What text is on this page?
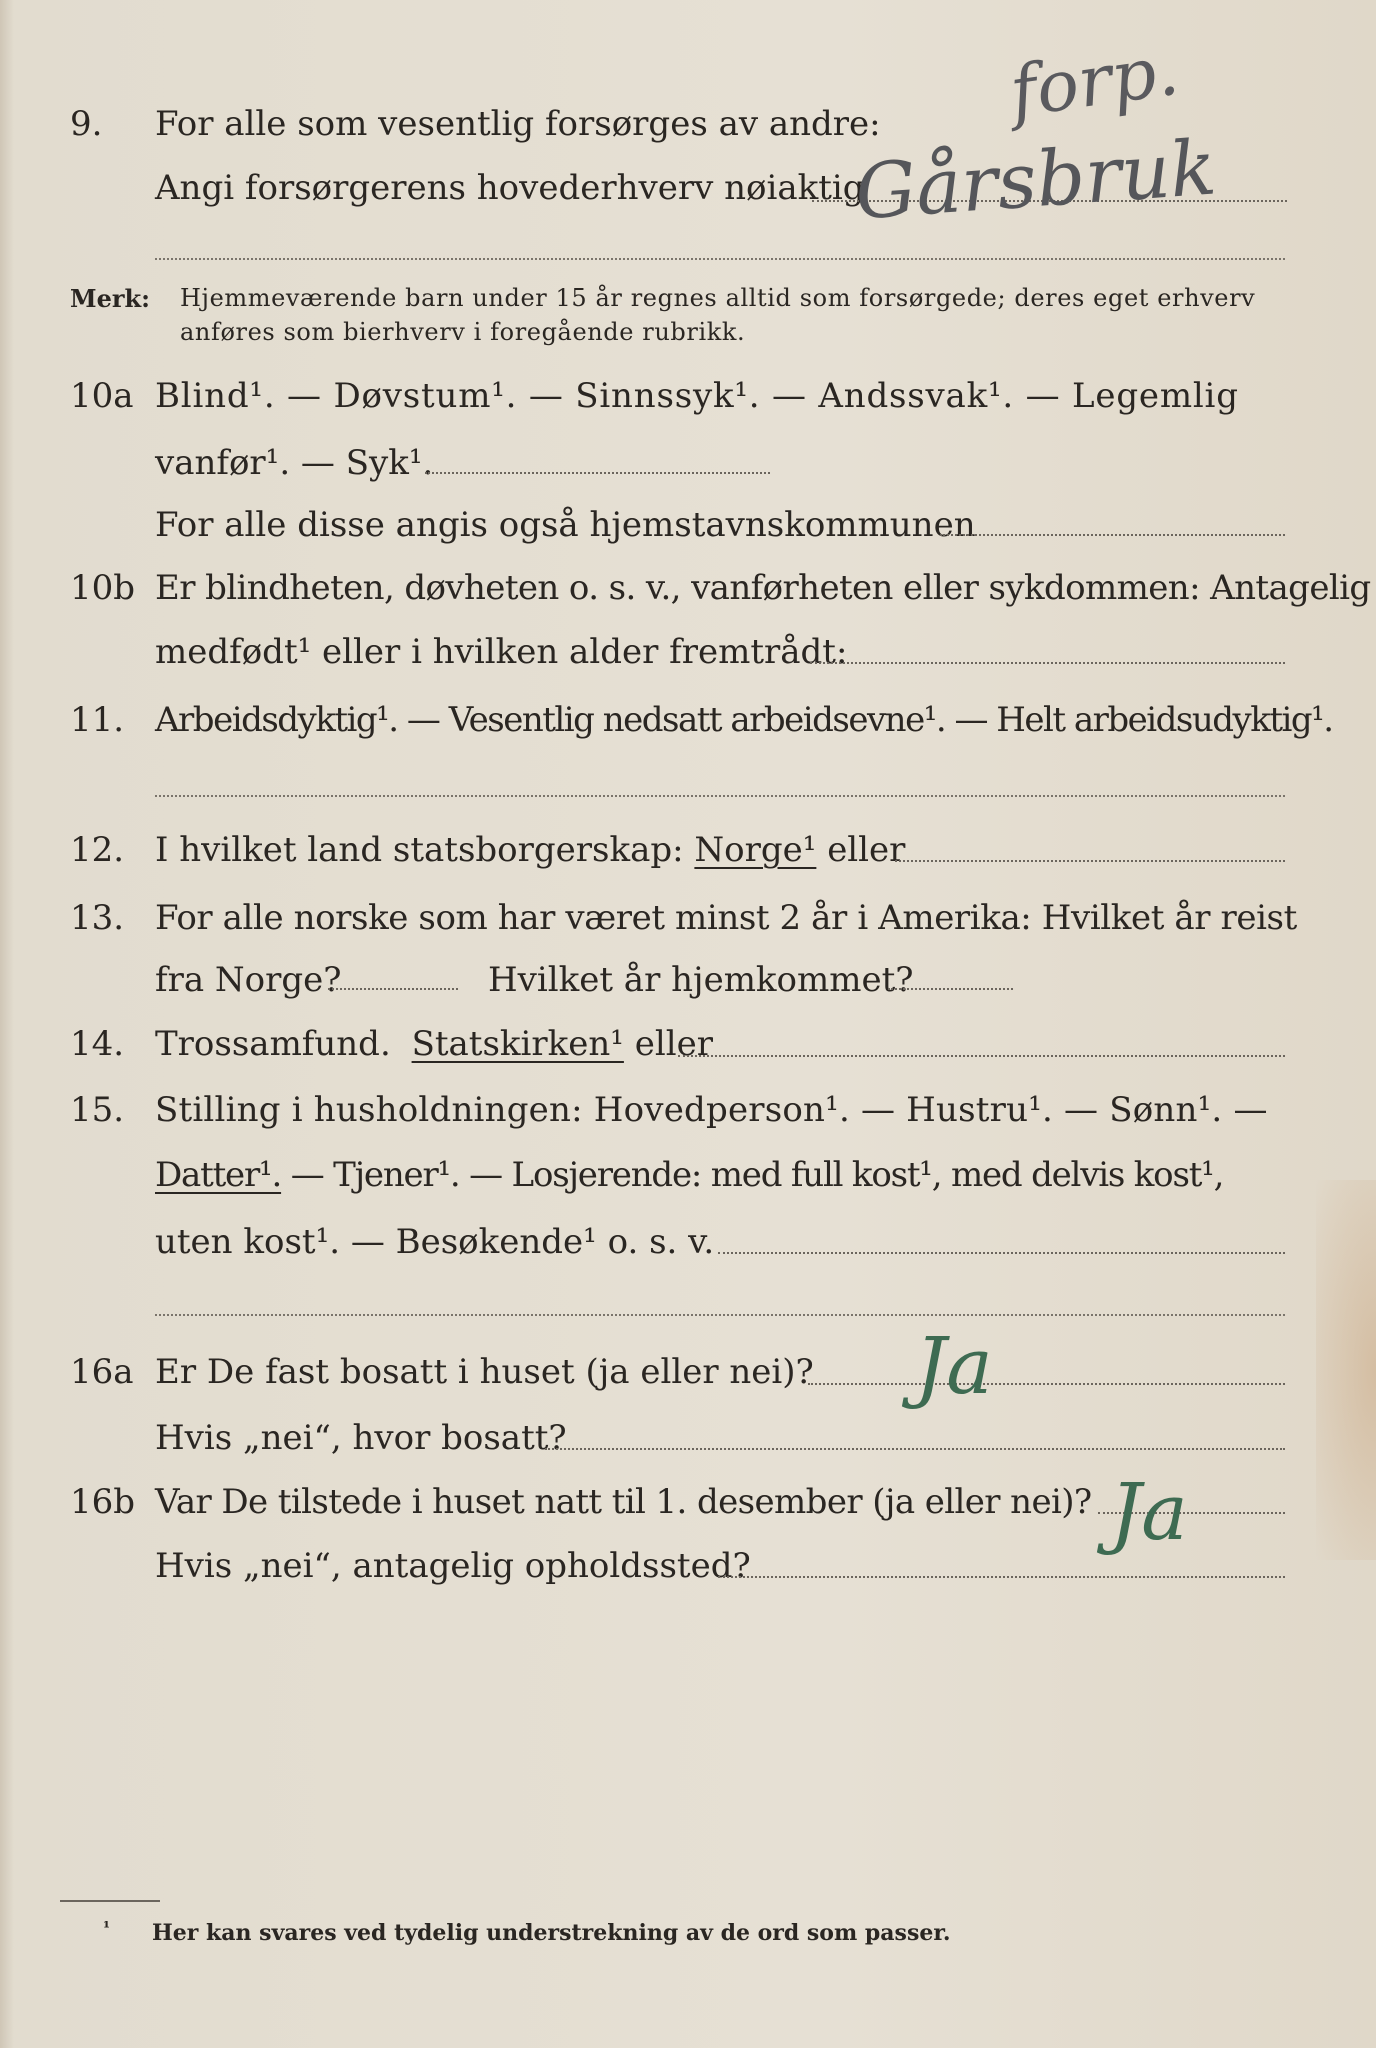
9. For alle som vesentlig forsørges av andre:
Angi forsørgerens hovederhverv nøiaktig
forp.
Gårsbruk
Merk: Hjemmeværende barn under 15 år regnes alltid som forsørgede; deres eget erhverv
anføres som bierhverv i foregående rubrikk.
10a Blind¹. — Døvstum¹. — Sinnssyk¹. — Andssvak¹. — Legemlig
vanfør¹. — Syk¹.
For alle disse angis også hjemstavnskommunen
10b Er blindheten, døvheten o. s. v., vanførheten eller sykdommen: Antagelig
medfødt¹ eller i hvilken alder fremtrådt:
11. Arbeidsdyktig¹. — Vesentlig nedsatt arbeidsevne¹. — Helt arbeidsudyktig¹.
12. I hvilket land statsborgerskap: Norge¹ eller
13. For alle norske som har været minst 2 år i Amerika: Hvilket år reist
fra Norge?	Hvilket år hjemkommet?
14. Trossamfund. Statskirken¹ eller
15. Stilling i husholdningen: Hovedperson¹. — Hustru¹. — Sønn¹. —
Datter¹. — Tjener¹. — Losjerende: med full kost¹, med delvis kost¹,
uten kost¹. — Besøkende¹ o. s. v.
16a Er De fast bosatt i huset (ja eller nei)? Ja
Hvis „nei“, hvor bosatt?
16b Var De tilstede i huset natt til 1. desember (ja eller nei)? Ja
Hvis „nei“, antagelig opholdssted?
¹ Her kan svares ved tydelig understrekning av de ord som passer.
